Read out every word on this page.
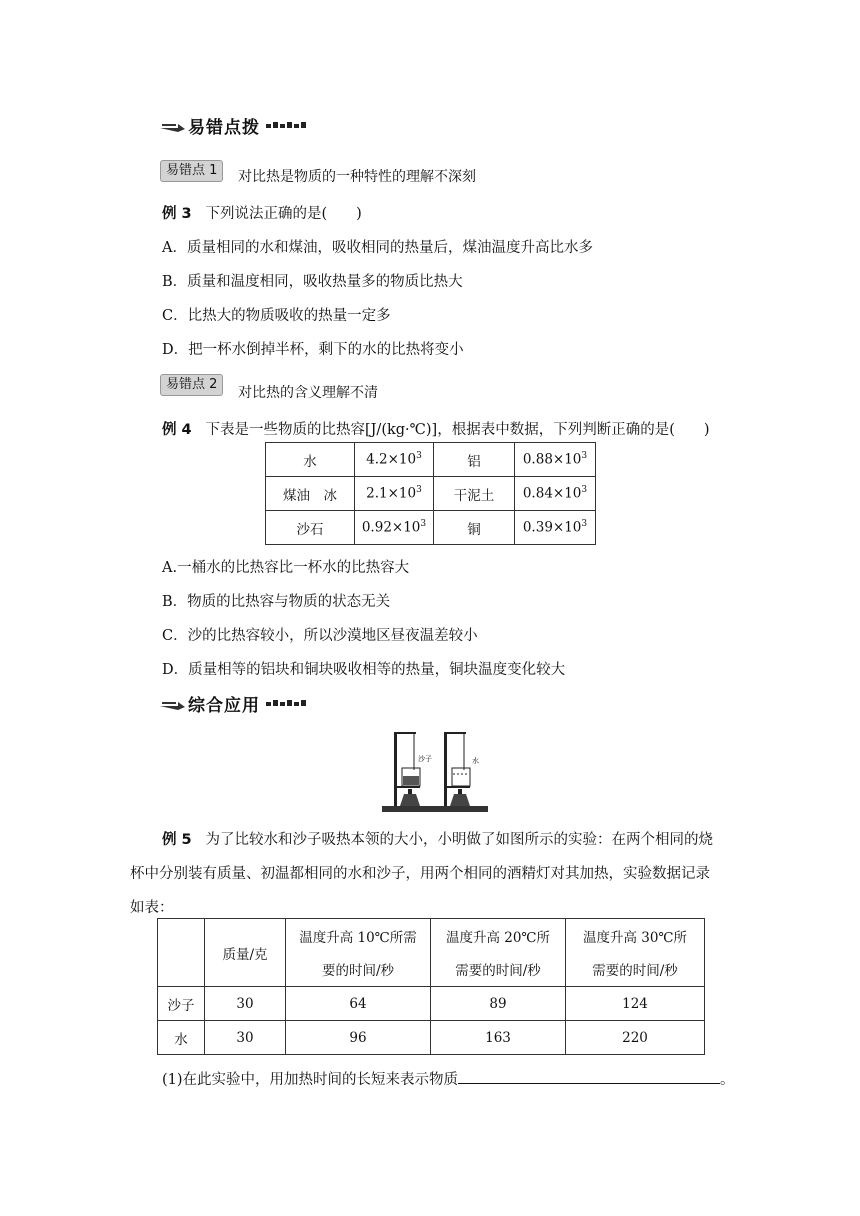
易错点拨
易错点 1	对比热是物质的一种特性的理解不深刻
例 3 下列说法正确的是(　　)
A．质量相同的水和煤油，吸收相同的热量后，煤油温度升高比水多
B．质量和温度相同，吸收热量多的物质比热大
C．比热大的物质吸收的热量一定多
D．把一杯水倒掉半杯，剩下的水的比热将变小
易错点 2
对比热的含义理解不清
例 4 下表是一些物质的比热容[J/(kg·℃)]，根据表中数据，下列判断正确的是(　　)
水	$4.2\times 10^3$	铝	$0.88\times 10^3$
煤油　冰	$2.1\times 10^3$	干泥土	$0.84\times 10^3$
沙石	$0.92\times 10^3$	铜	$0.39\times 10^3$
A.一桶水的比热容比一杯水的比热容大
B．物质的比热容与物质的状态无关
C．沙的比热容较小，所以沙漠地区昼夜温差较小
D．质量相等的铝块和铜块吸收相等的热量，铜块温度变化较大
综合应用
沙子	水
例 5 为了比较水和沙子吸热本领的大小，小明做了如图所示的实验：在两个相同的烧
杯中分别装有质量、初温都相同的水和沙子，用两个相同的酒精灯对其加热，实验数据记录
如表：
	质量/克	温度升高 10℃所需	温度升高 20℃所	温度升高 30℃所
		要的时间/秒	需要的时间/秒	需要的时间/秒
沙子	30	64	89	124
水	30	96	163	220
(1)在此实验中，用加热时间的长短来表示物质	。
